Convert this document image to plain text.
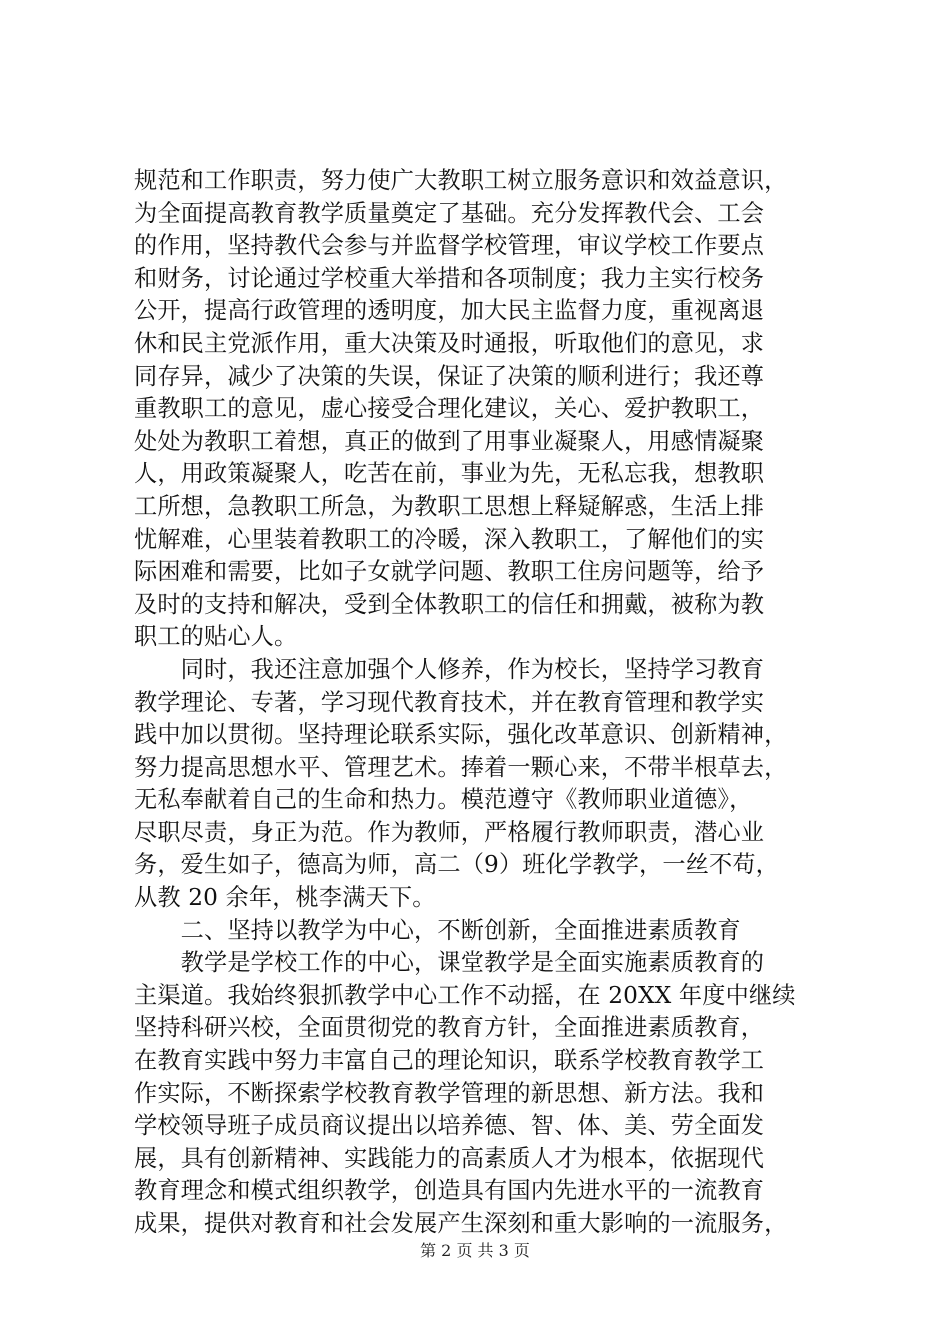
规范和工作职责，努力使广大教职工树立服务意识和效益意识，
为全面提高教育教学质量奠定了基础。充分发挥教代会、工会
的作用，坚持教代会参与并监督学校管理，审议学校工作要点
和财务，讨论通过学校重大举措和各项制度；我力主实行校务
公开，提高行政管理的透明度，加大民主监督力度，重视离退
休和民主党派作用，重大决策及时通报，听取他们的意见，求
同存异，减少了决策的失误，保证了决策的顺利进行；我还尊
重教职工的意见，虚心接受合理化建议，关心、爱护教职工，
处处为教职工着想，真正的做到了用事业凝聚人，用感情凝聚
人，用政策凝聚人，吃苦在前，事业为先，无私忘我，想教职
工所想，急教职工所急，为教职工思想上释疑解惑，生活上排
忧解难，心里装着教职工的冷暖，深入教职工，了解他们的实
际困难和需要，比如子女就学问题、教职工住房问题等，给予
及时的支持和解决，受到全体教职工的信任和拥戴，被称为教
职工的贴心人。
　　同时，我还注意加强个人修养，作为校长，坚持学习教育
教学理论、专著，学习现代教育技术，并在教育管理和教学实
践中加以贯彻。坚持理论联系实际，强化改革意识、创新精神，
努力提高思想水平、管理艺术。捧着一颗心来，不带半根草去，
无私奉献着自己的生命和热力。模范遵守《教师职业道德》，
尽职尽责，身正为范。作为教师，严格履行教师职责，潜心业
务，爱生如子，德高为师，高二（9）班化学教学，一丝不苟，
从教 20 余年，桃李满天下。
　　二、坚持以教学为中心，不断创新，全面推进素质教育
　　教学是学校工作的中心，课堂教学是全面实施素质教育的
主渠道。我始终狠抓教学中心工作不动摇，在 20XX 年度中继续
坚持科研兴校，全面贯彻党的教育方针，全面推进素质教育，
在教育实践中努力丰富自己的理论知识，联系学校教育教学工
作实际，不断探索学校教育教学管理的新思想、新方法。我和
学校领导班子成员商议提出以培养德、智、体、美、劳全面发
展，具有创新精神、实践能力的高素质人才为根本，依据现代
教育理念和模式组织教学，创造具有国内先进水平的一流教育
成果，提供对教育和社会发展产生深刻和重大影响的一流服务，
第 2 页 共 3 页
